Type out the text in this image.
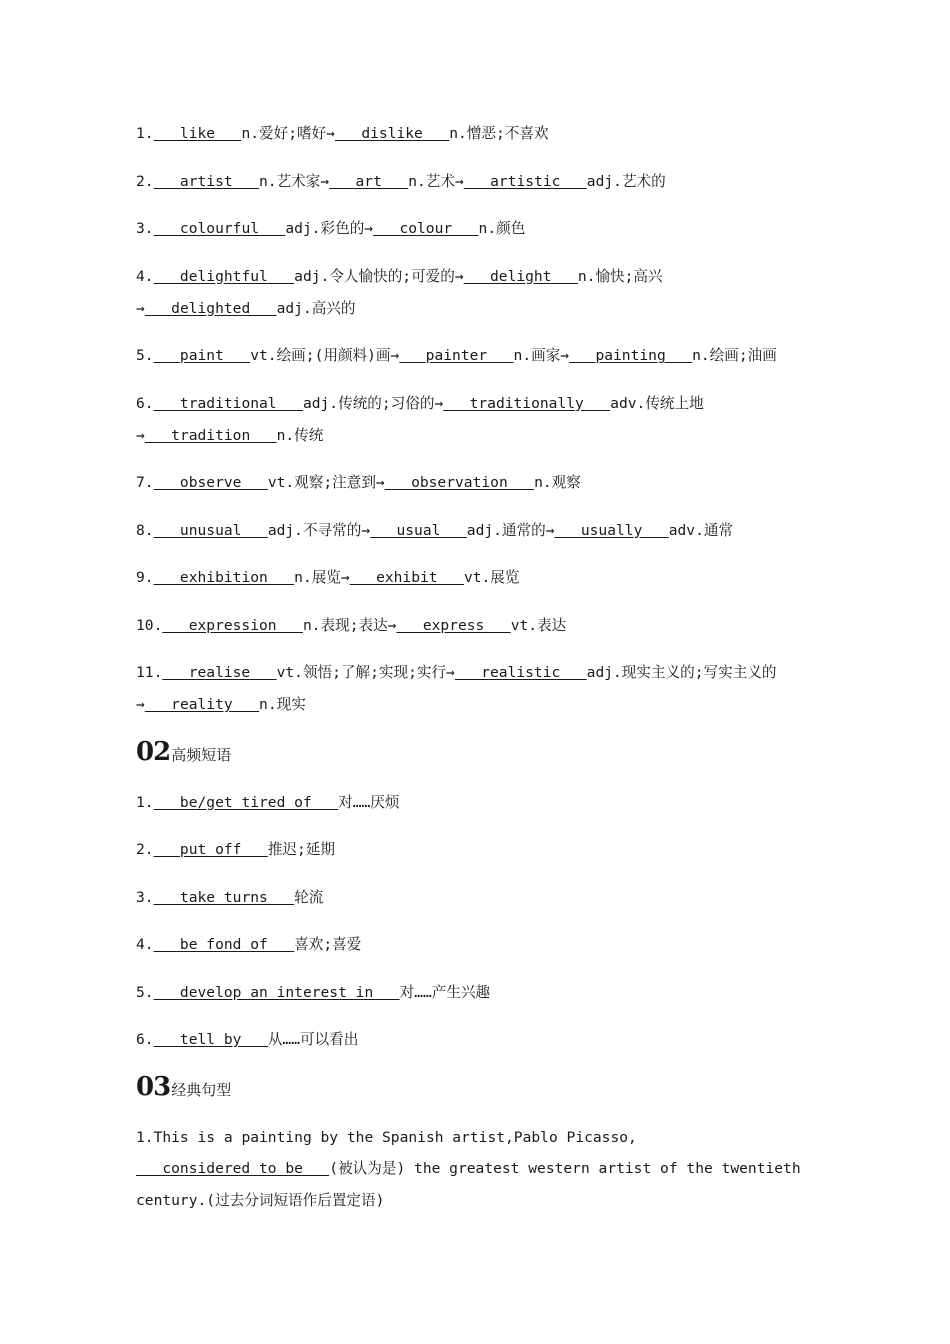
1.   like   n.爱好;嗜好→   dislike   n.憎恶;不喜欢

2.   artist   n.艺术家→   art   n.艺术→   artistic   adj.艺术的

3.   colourful   adj.彩色的→   colour   n.颜色

4.   delightful   adj.令人愉快的;可爱的→   delight   n.愉快;高兴→   delighted   adj.高兴的

5.   paint   vt.绘画;(用颜料)画→   painter   n.画家→   painting   n.绘画;油画

6.   traditional   adj.传统的;习俗的→   traditionally   adv.传统上地→   tradition   n.传统

7.   observe   vt.观察;注意到→   observation   n.观察

8.   unusual   adj.不寻常的→   usual   adj.通常的→   usually   adv.通常

9.   exhibition   n.展览→   exhibit   vt.展览

10.   expression   n.表现;表达→   express   vt.表达

11.   realise   vt.领悟;了解;实现;实行→   realistic   adj.现实主义的;写实主义的→   reality   n.现实

02 高频短语

1.   be/get tired of   对……厌烦

2.   put off   推迟;延期

3.   take turns   轮流

4.   be fond of   喜欢;喜爱

5.   develop an interest in   对……产生兴趣

6.   tell by   从……可以看出

03 经典句型

1.This is a painting by the Spanish artist,Pablo Picasso,   considered to be   (被认为是) the greatest western artist of the twentieth century.(过去分词短语作后置定语)
